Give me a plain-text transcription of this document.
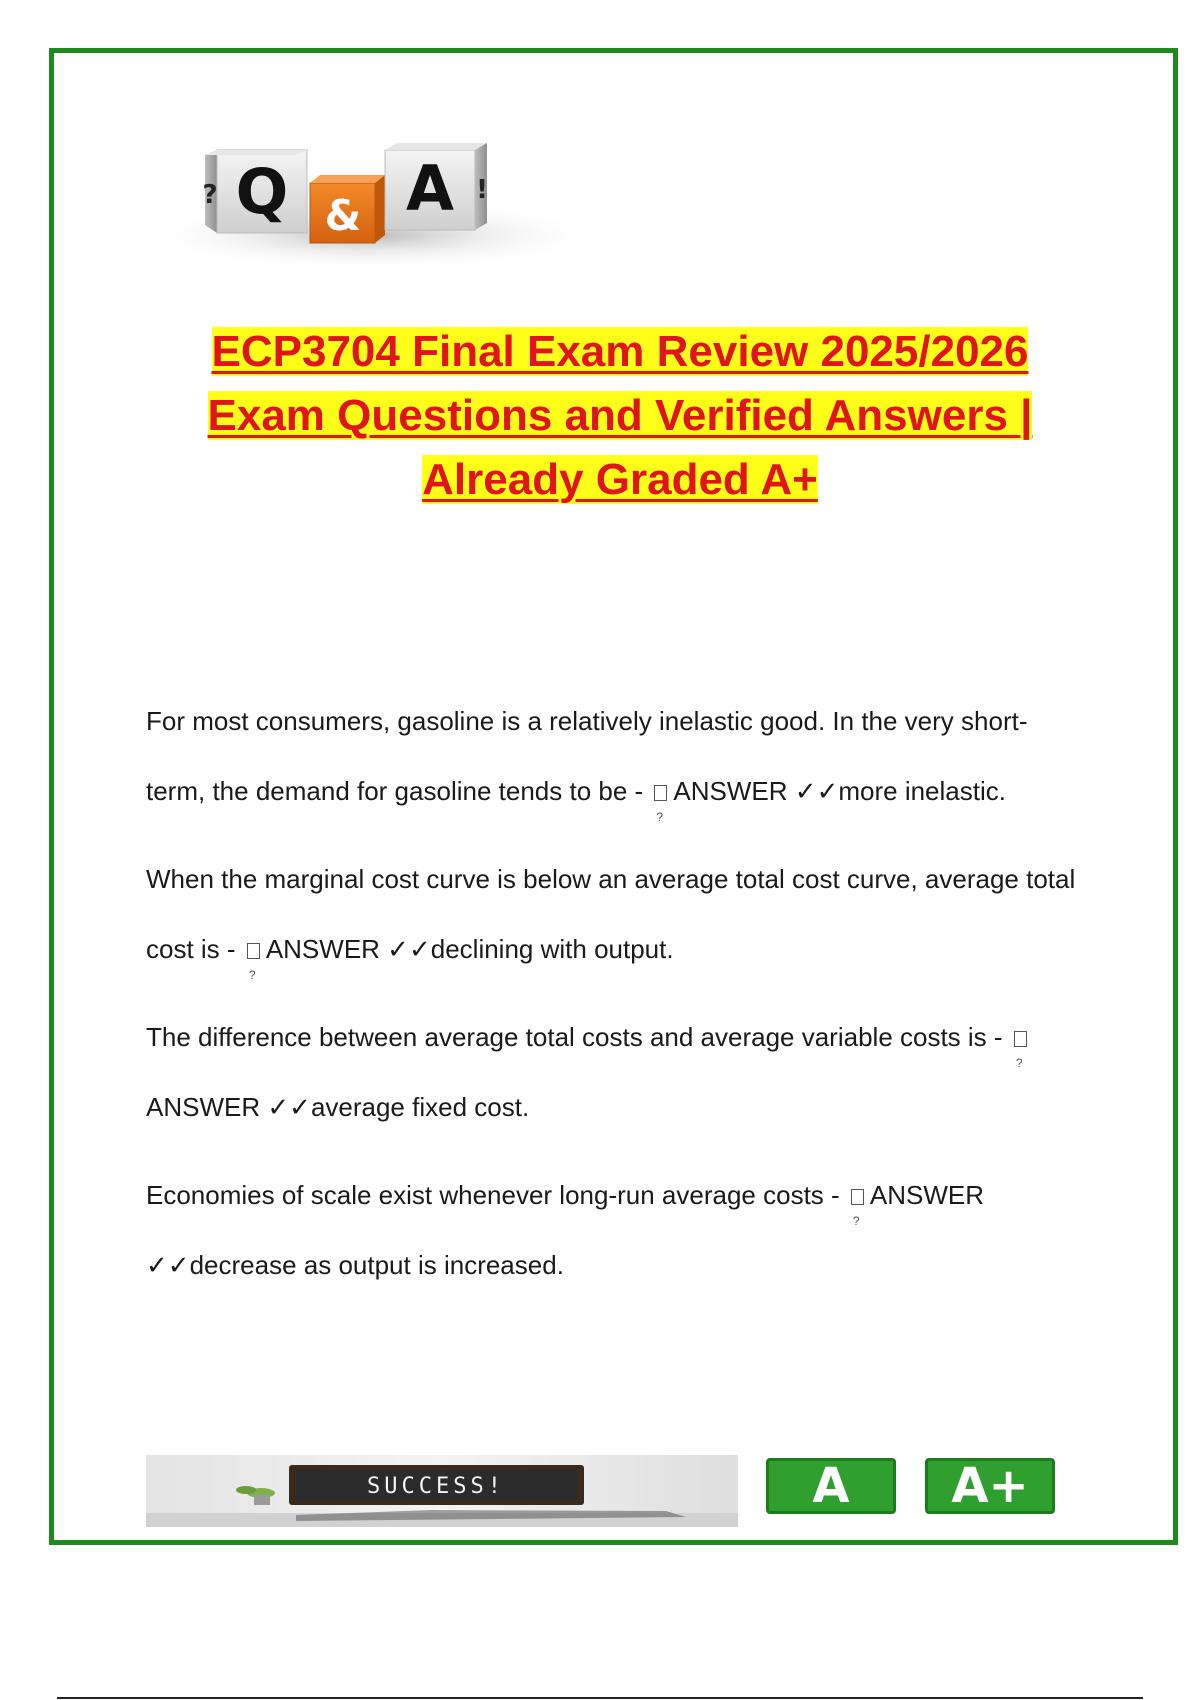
Q
?	& A !
ECP3704 Final Exam Review 2025/2026
Exam Questions and Verified Answers |
Already Graded A+

For most consumers, gasoline is a relatively inelastic good. In the very short-term, the demand for gasoline tends to be - ? ANSWER ✓✓more inelastic.

When the marginal cost curve is below an average total cost curve, average total cost is - ? ANSWER ✓✓declining with output.

The difference between average total costs and average variable costs is - ?ANSWER ✓✓average fixed cost.

Economies of scale exist whenever long-run average costs - ? ANSWER ✓✓decrease as output is increased.

SUCCESS!	A	A+
